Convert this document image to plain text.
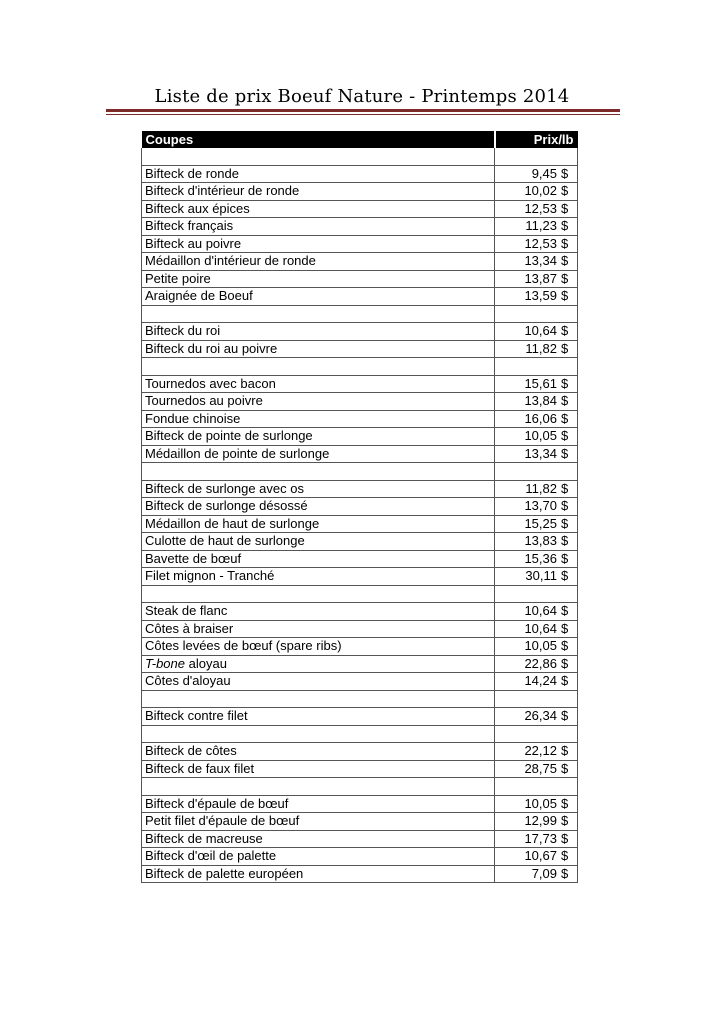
Liste de prix Boeuf Nature - Printemps 2014
Coupes	Prix/lb

Bifteck de ronde	9,45 $

Bifteck d'intérieur de ronde	10,02 $

Bifteck aux épices	12,53 $

Bifteck français	11,23 $

Bifteck au poivre	12,53 $

Médaillon d'intérieur de ronde	13,34 $

Petite poire	13,87 $

Araignée de Boeuf	13,59 $

Bifteck du roi	10,64 $

Bifteck du roi au poivre	11,82 $

Tournedos avec bacon	15,61 $

Tournedos au poivre	13,84 $

Fondue chinoise	16,06 $

Bifteck de pointe de surlonge	10,05 $

Médaillon de pointe de surlonge	13,34 $

Bifteck de surlonge avec os	11,82 $

Bifteck de surlonge désossé	13,70 $

Médaillon de haut de surlonge	15,25 $

Culotte de haut de surlonge	13,83 $

Bavette de bœuf	15,36 $

Filet mignon - Tranché	30,11 $

Steak de flanc	10,64 $

Côtes à braiser	10,64 $

Côtes levées de bœuf (spare ribs)	10,05 $

T-bone aloyau	22,86 $

Côtes d'aloyau	14,24 $

Bifteck contre filet	26,34 $

Bifteck de côtes	22,12 $

Bifteck de faux filet	28,75 $

Bifteck d'épaule de bœuf	10,05 $

Petit filet d'épaule de bœuf	12,99 $

Bifteck de macreuse	17,73 $

Bifteck d'œil de palette	10,67 $

Bifteck de palette européen	7,09 $
